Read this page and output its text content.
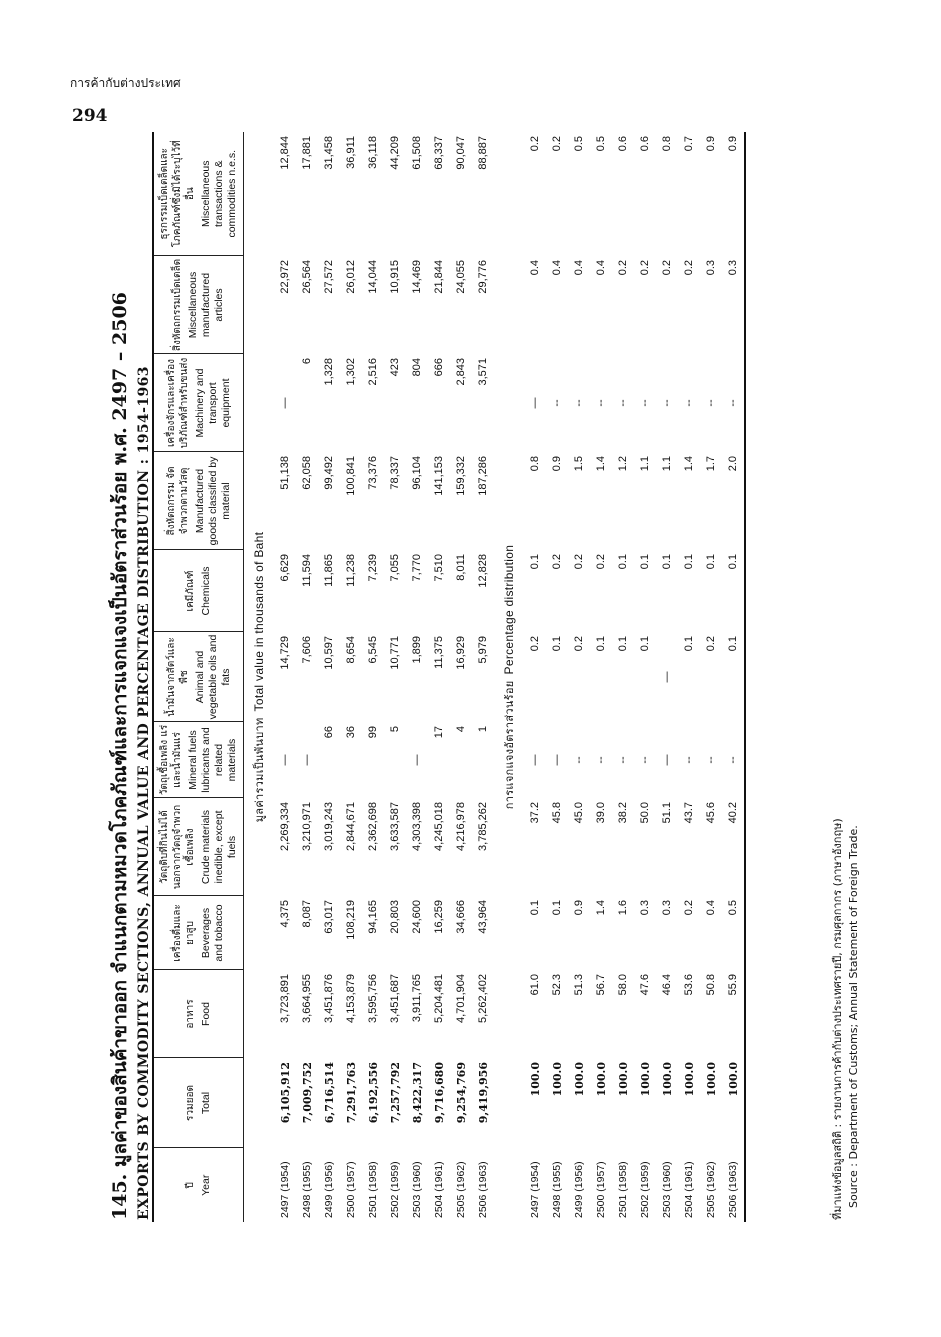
การค้ากับต่างประเทศ
294
145. มูลค่าของสินค้าขาออก จำแนกตามหมวดโภคภัณฑ์และการแจกแจงเป็นอัตราส่วนร้อย พ.ศ. 2497 – 2506 EXPORTS BY COMMODITY SECTIONS, ANNUAL VALUE AND PERCENTAGE DISTRIBUTION : 1954-1963	ปี Year	รวมยอด Total	อาหาร Food	เครื่องดื่มและยาสูบ Beverages and tobacco	วัตถุดิบที่กินไม่ได้ นอกจากวัตถุจำพวกเชื้อเพลิง Crude materials inedible, except fuels	วัตถุเชื้อเพลิง แร่ และน้ำมันแร่ Mineral fuels lubricants and related materials	น้ำมันจากสัตว์และพืช Animal and vegetable oils and fats	เคมีภัณฑ์ Chemicals	สิ่งหัตถกรรม จัดจำพวกตามวัสดุ Manufactured goods classified by material	เครื่องจักรและเครื่องบริภัณฑ์สำหรับขนส่ง Machinery and transport equipment	สิ่งหัตถกรรมเบ็ดเตล็ด Miscellaneous manufactured articles	ธุรกรรมเบ็ดเตล็ดและโภคภัณฑ์ซึ่งมิได้ระบุไว้ที่อื่น Miscellaneous transactions & commodities n.e.s.
มูลค่ารวมเป็นพันบาทTotal value in thousands of Baht											
2497 (1954)	6,105,912	3,723,891	4,375	2,269,334	—	14,729	6,629	51,138	—	22,972	12,844
2498 (1955)	7,009,752	3,664,955	8,087	3,210,971	—	7,606	11,594	62,058	6	26,564	17,881
2499 (1956)	6,716,514	3,451,876	63,017	3,019,243	66	10,597	11,865	99,492	1,328	27,572	31,458
2500 (1957)	7,291,763	4,153,879	108,219	2,844,671	36	8,654	11,238	100,841	1,302	26,012	36,911
2501 (1958)	6,192,556	3,595,756	94,165	2,362,698	99	6,545	7,239	73,376	2,516	14,044	36,118
2502 (1959)	7,257,792	3,451,687	20,803	3,633,587	5	10,771	7,055	78,337	423	10,915	44,209
2503 (1960)	8,422,317	3,911,765	24,600	4,303,398	—	1,899	7,770	96,104	804	14,469	61,508
2504 (1961)	9,716,680	5,204,481	16,259	4,245,018	17	11,375	7,510	141,153	666	21,844	68,337
2505 (1962)	9,254,769	4,701,904	34,666	4,216,978	4	16,929	8,011	159,332	2,843	24,055	90,047
2506 (1963)	9,419,956	5,262,402	43,964	3,785,262	1	5,979	12,828	187,286	3,571	29,776	88,887
การแจกแจงอัตราส่วนร้อยPercentage distribution											
2497 (1954)	100.0	61.0	0.1	37.2	—	0.2	0.1	0.8	—	0.4	0.2
2498 (1955)	100.0	52.3	0.1	45.8	—	0.1	0.2	0.9	--	0.4	0.2
2499 (1956)	100.0	51.3	0.9	45.0	--	0.2	0.2	1.5	--	0.4	0.5
2500 (1957)	100.0	56.7	1.4	39.0	--	0.1	0.2	1.4	--	0.4	0.5
2501 (1958)	100.0	58.0	1.6	38.2	--	0.1	0.1	1.2	--	0.2	0.6
2502 (1959)	100.0	47.6	0.3	50.0	--	0.1	0.1	1.1	--	0.2	0.6
2503 (1960)	100.0	46.4	0.3	51.1	—	—	0.1	1.1	--	0.2	0.8
2504 (1961)	100.0	53.6	0.2	43.7	--	0.1	0.1	1.4	--	0.2	0.7
2505 (1962)	100.0	50.8	0.4	45.6	--	0.2	0.1	1.7	--	0.3	0.9
2506 (1963)	100.0	55.9	0.5	40.2	--	0.1	0.1	2.0	--	0.3	0.9
ที่มาแห่งข้อมูลสถิติ : รายงานการค้ากับต่างประเทศรายปี, กรมศุลกากร (ภาษาอังกฤษ) Source : Department of Customs; Annual Statement of Foreign Trade.
